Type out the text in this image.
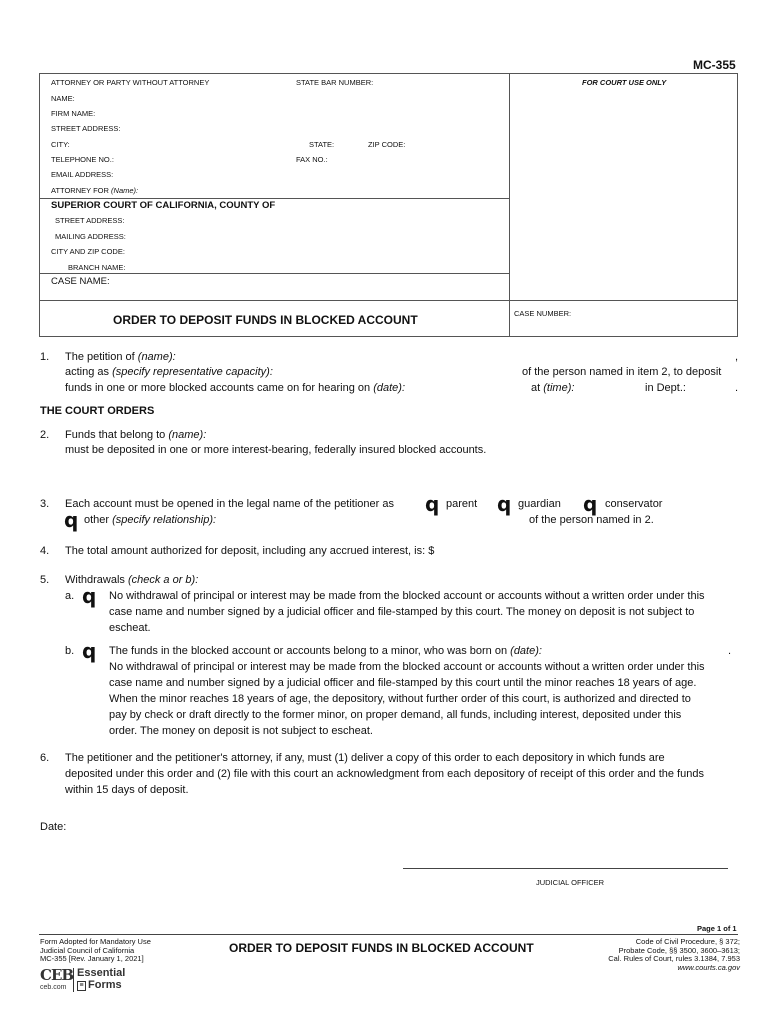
MC-355
ATTORNEY OR PARTY WITHOUT ATTORNEY	STATE BAR NUMBER:	FOR COURT USE ONLY
NAME:
FIRM NAME:
STREET ADDRESS:
CITY:	STATE:	ZIP CODE:
TELEPHONE NO.:	FAX NO.:
EMAIL ADDRESS:
ATTORNEY FOR (Name):
SUPERIOR COURT OF CALIFORNIA, COUNTY OF
STREET ADDRESS:
MAILING ADDRESS:
CITY AND ZIP CODE:
BRANCH NAME:
CASE NAME:
ORDER TO DEPOSIT FUNDS IN BLOCKED ACCOUNT	CASE NUMBER:
1. The petition of (name):	,
acting as (specify representative capacity):	of the person named in item 2, to deposit
funds in one or more blocked accounts came on for hearing on (date):	at (time):	in Dept.:	.
THE COURT ORDERS
2. Funds that belong to (name):
must be deposited in one or more interest-bearing, federally insured blocked accounts.
3. Each account must be opened in the legal name of the petitioner as q parent q guardian q conservator
q other (specify relationship):	of the person named in 2.
4. The total amount authorized for deposit, including any accrued interest, is: $
5. Withdrawals (check a or b):
a. q No withdrawal of principal or interest may be made from the blocked account or accounts without a written order under this
case name and number signed by a judicial officer and file-stamped by this court. The money on deposit is not subject to
escheat.
b. q The funds in the blocked account or accounts belong to a minor, who was born on (date):	.
No withdrawal of principal or interest may be made from the blocked account or accounts without a written order under this
case name and number signed by a judicial officer and file-stamped by this court until the minor reaches 18 years of age.
When the minor reaches 18 years of age, the depository, without further order of this court, is authorized and directed to
pay by check or draft directly to the former minor, on proper demand, all funds, including interest, deposited under this
order. The money on deposit is not subject to escheat.
6. The petitioner and the petitioner's attorney, if any, must (1) deliver a copy of this order to each depository in which funds are
deposited under this order and (2) file with this court an acknowledgment from each depository of receipt of this order and the funds
within 15 days of deposit.
Date:
JUDICIAL OFFICER
Page 1 of 1
Form Adopted for Mandatory Use
Judicial Council of California
MC-355 [Rev. January 1, 2021]
ORDER TO DEPOSIT FUNDS IN BLOCKED ACCOUNT	Code of Civil Procedure, § 372;
Probate Code, §§ 3500, 3600–3613;
Cal. Rules of Court, rules 3.1384, 7.953
www.courts.ca.gov
CEB
ceb.com
Essential
≡ Forms
